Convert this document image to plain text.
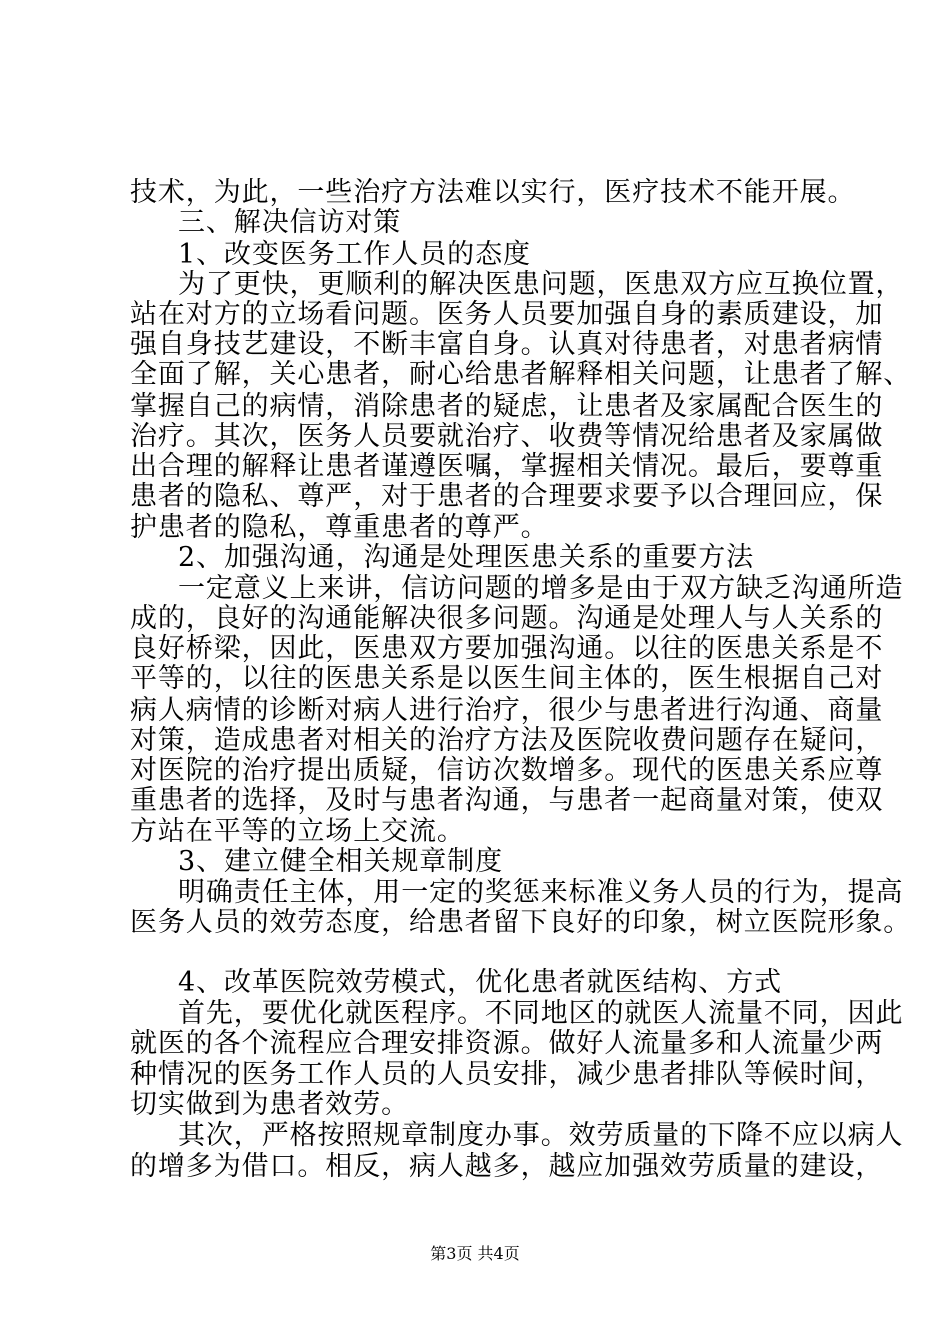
技术，为此，一些治疗方法难以实行，医疗技术不能开展。
三、解决信访对策
1、改变医务工作人员的态度
为了更快，更顺利的解决医患问题，医患双方应互换位置，
站在对方的立场看问题。医务人员要加强自身的素质建设，加
强自身技艺建设，不断丰富自身。认真对待患者，对患者病情
全面了解，关心患者，耐心给患者解释相关问题，让患者了解、
掌握自己的病情，消除患者的疑虑，让患者及家属配合医生的
治疗。其次，医务人员要就治疗、收费等情况给患者及家属做
出合理的解释让患者谨遵医嘱，掌握相关情况。最后，要尊重
患者的隐私、尊严，对于患者的合理要求要予以合理回应，保
护患者的隐私，尊重患者的尊严。
2、加强沟通，沟通是处理医患关系的重要方法
一定意义上来讲，信访问题的增多是由于双方缺乏沟通所造
成的，良好的沟通能解决很多问题。沟通是处理人与人关系的
良好桥梁，因此，医患双方要加强沟通。以往的医患关系是不
平等的，以往的医患关系是以医生间主体的，医生根据自己对
病人病情的诊断对病人进行治疗，很少与患者进行沟通、商量
对策，造成患者对相关的治疗方法及医院收费问题存在疑问，
对医院的治疗提出质疑，信访次数增多。现代的医患关系应尊
重患者的选择，及时与患者沟通，与患者一起商量对策，使双
方站在平等的立场上交流。
3、建立健全相关规章制度
明确责任主体，用一定的奖惩来标准义务人员的行为，提高
医务人员的效劳态度，给患者留下良好的印象，树立医院形象。
4、改革医院效劳模式，优化患者就医结构、方式
首先，要优化就医程序。不同地区的就医人流量不同，因此
就医的各个流程应合理安排资源。做好人流量多和人流量少两
种情况的医务工作人员的人员安排，减少患者排队等候时间，
切实做到为患者效劳。
其次，严格按照规章制度办事。效劳质量的下降不应以病人
的增多为借口。相反，病人越多，越应加强效劳质量的建设，
第3页 共4页
